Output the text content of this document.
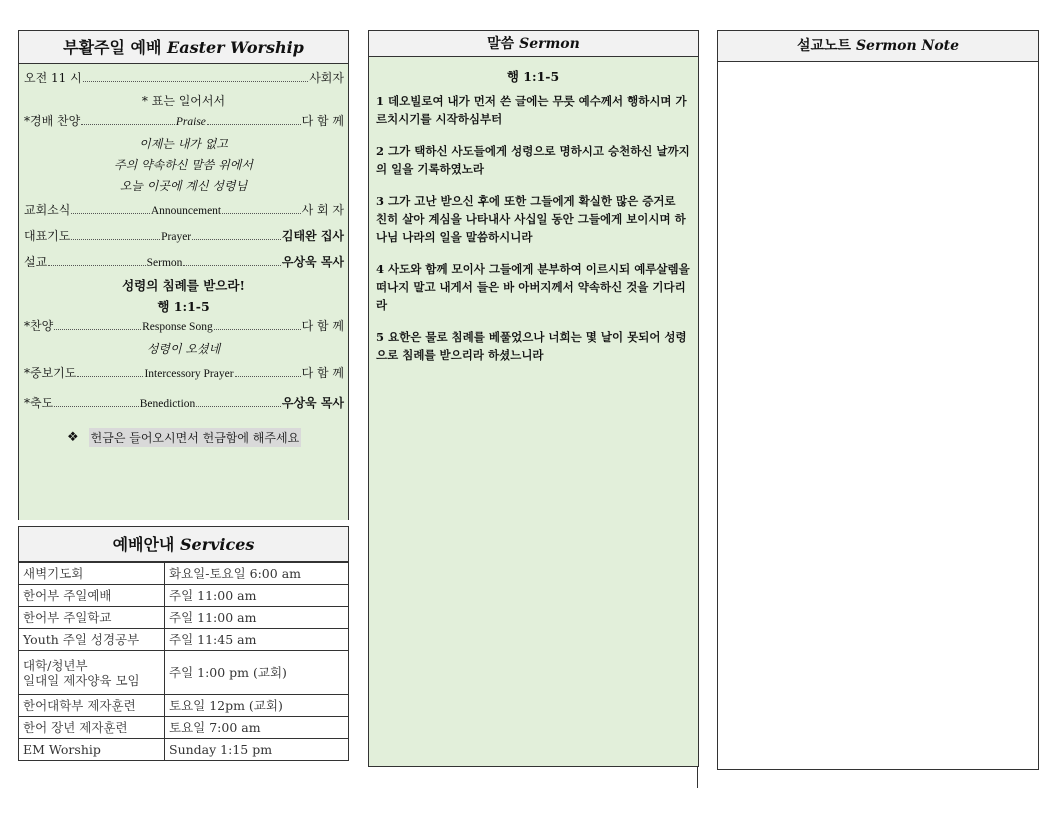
부활주일 예배 Easter Worship
오전 11 시	사회자
* 표는 일어서서
*경배 찬양	Praise	다 함 께
이제는 내가 없고
주의 약속하신 말씀 위에서
오늘 이곳에 계신 성령님
교회소식	Announcement	사 회 자
대표기도	Prayer	김태완 집사
설교	Sermon	우상욱 목사
성령의 침례를 받으라!
행 1:1-5
*찬양	Response Song	다 함 께
성령이 오셨네
*중보기도	Intercessory Prayer	다 함 께
*축도	Benediction	우상욱 목사
❖ 헌금은 들어오시면서 헌금함에 해주세요
예배안내 Services
새벽기도회	화요일-토요일 6:00 am
한어부 주일예배	주일 11:00 am
한어부 주일학교	주일 11:00 am
Youth 주일 성경공부	주일 11:45 am
대학/청년부
일대일 제자양육 모임	주일 1:00 pm (교회)
한어대학부 제자훈련	토요일 12pm (교회)
한어 장년 제자훈련	토요일 7:00 am
EM Worship	Sunday 1:15 pm
말씀 Sermon
행 1:1-5
1 데오빌로여 내가 먼저 쓴 글에는 무릇 예수께서 행하시며 가르치시기를 시작하심부터
2 그가 택하신 사도들에게 성령으로 명하시고 승천하신 날까지의 일을 기록하였노라
3 그가 고난 받으신 후에 또한 그들에게 확실한 많은 증거로 친히 살아 계심을 나타내사 사십일 동안 그들에게 보이시며 하나님 나라의 일을 말씀하시니라
4 사도와 함께 모이사 그들에게 분부하여 이르시되 예루살렘을 떠나지 말고 내게서 들은 바 아버지께서 약속하신 것을 기다리라
5 요한은 물로 침례를 베풀었으나 너희는 몇 날이 못되어 성령으로 침례를 받으리라 하셨느니라
설교노트 Sermon Note
